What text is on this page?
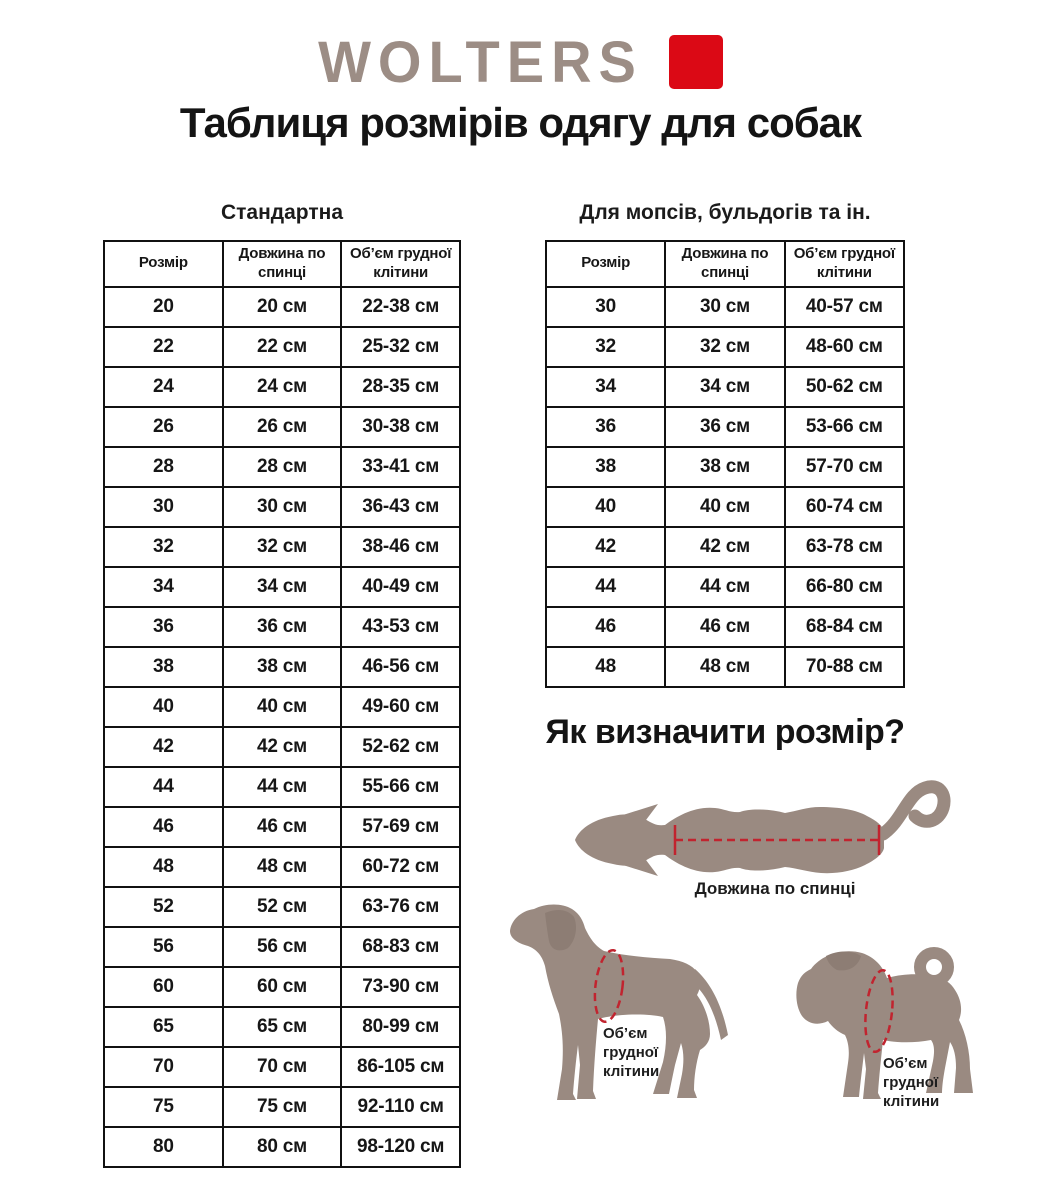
WOLTERS
Таблиця розмірів одягу для собак
Стандартна	Для мопсів, бульдогів та ін.
Розмір	Довжина по спинці	Об’єм грудної клітини
20	20 см	22-38 см
22	22 см	25-32 см
24	24 см	28-35 см
26	26 см	30-38 см
28	28 см	33-41 см
30	30 см	36-43 см
32	32 см	38-46 см
34	34 см	40-49 см
36	36 см	43-53 см
38	38 см	46-56 см
40	40 см	49-60 см
42	42 см	52-62 см
44	44 см	55-66 см
46	46 см	57-69 см
48	48 см	60-72 см
52	52 см	63-76 см
56	56 см	68-83 см
60	60 см	73-90 см
65	65 см	80-99 см
70	70 см	86-105 см
75	75 см	92-110 см
80	80 см	98-120 см
Розмір	Довжина по спинці	Об’єм грудної клітини
30	30 см	40-57 см
32	32 см	48-60 см
34	34 см	50-62 см
36	36 см	53-66 см
38	38 см	57-70 см
40	40 см	60-74 см
42	42 см	63-78 см
44	44 см	66-80 см
46	46 см	68-84 см
48	48 см	70-88 см
Як визначити розмір?
Довжина по спинці
Об’єм
грудної
клітини	Об’єм
грудної
клітини
